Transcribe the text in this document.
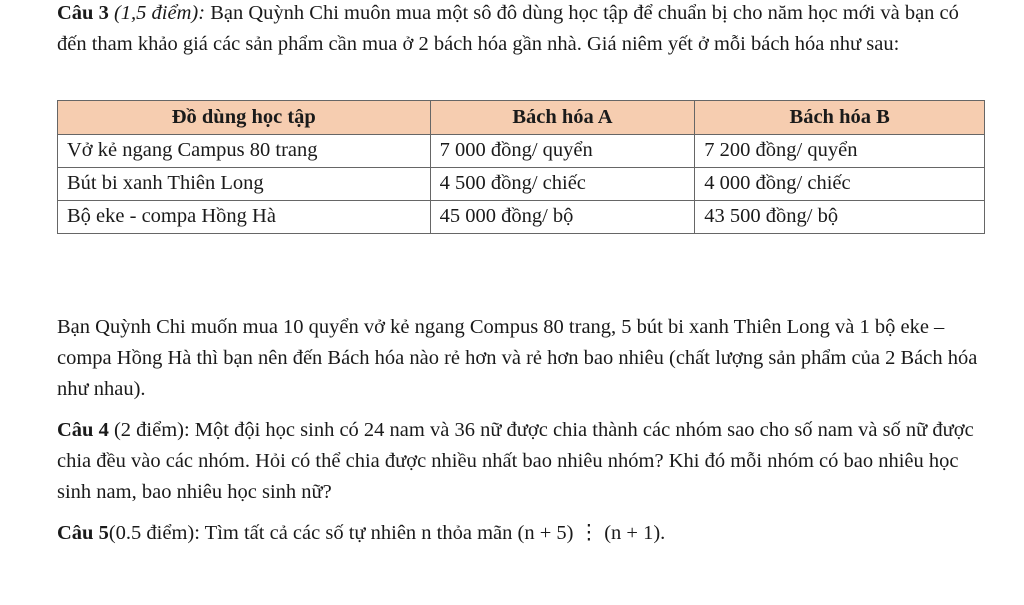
Câu 3 (1,5 điểm): Bạn Quỳnh Chi muôn mua một sô đô dùng học tập để chuẩn bị cho năm học mới và bạn có đến tham khảo giá các sản phẩm cần mua ở 2 bách hóa gần nhà. Giá niêm yết ở mỗi bách hóa như sau:

Đồ dùng học tập	Bách hóa A	Bách hóa B
Vở kẻ ngang Campus 80 trang	7 000 đồng/ quyển	7 200 đồng/ quyển
Bút bi xanh Thiên Long	4 500 đồng/ chiếc	4 000 đồng/ chiếc
Bộ eke - compa Hồng Hà	45 000 đồng/ bộ	43 500 đồng/ bộ

Bạn Quỳnh Chi muốn mua 10 quyển vở kẻ ngang Compus 80 trang, 5 bút bi xanh Thiên Long và 1 bộ eke – compa Hồng Hà thì bạn nên đến Bách hóa nào rẻ hơn và rẻ hơn bao nhiêu (chất lượng sản phẩm của 2 Bách hóa như nhau).

Câu 4 (2 điểm): Một đội học sinh có 24 nam và 36 nữ được chia thành các nhóm sao cho số nam và số nữ được chia đều vào các nhóm. Hỏi có thể chia được nhiều nhất bao nhiêu nhóm? Khi đó mỗi nhóm có bao nhiêu học sinh nam, bao nhiêu học sinh nữ?

Câu 5(0.5 điểm): Tìm tất cả các số tự nhiên n thỏa mãn (n + 5) ⋮ (n + 1).
